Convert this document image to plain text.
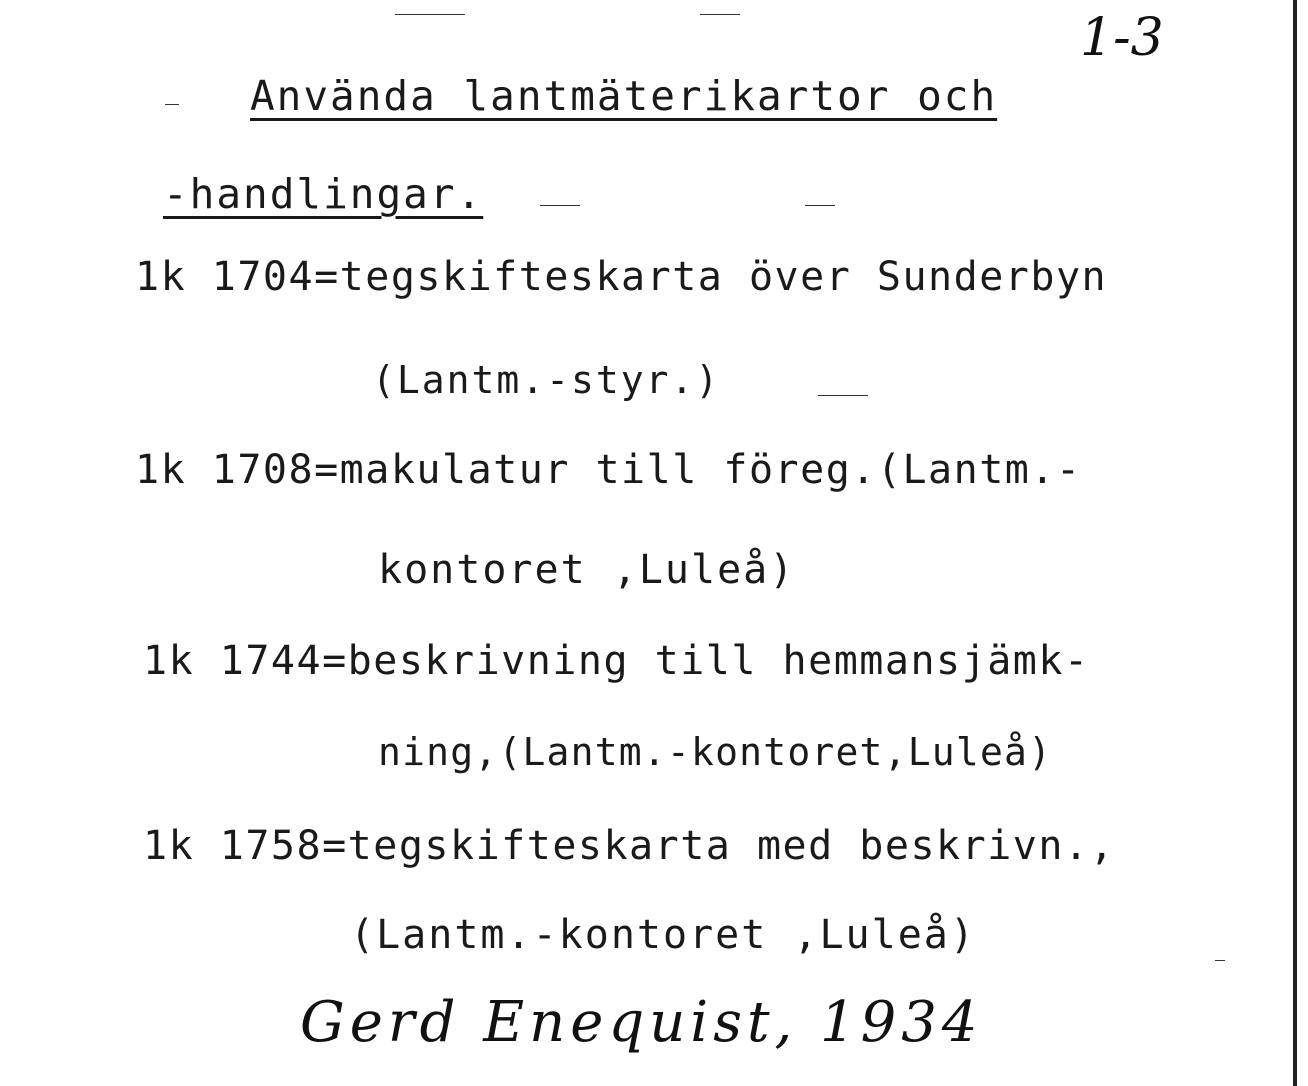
1-3
Använda lantmäterikartor och
-handlingar.
1k 1704=tegskifteskarta över Sunderbyn
(Lantm.-styr.)
1k 1708=makulatur till föreg.(Lantm.-
kontoret ,Luleå)
1k 1744=beskrivning till hemmansjämk-
ning,(Lantm.-kontoret,Luleå)
1k 1758=tegskifteskarta med beskrivn.,
(Lantm.-kontoret ,Luleå)
Gerd Enequist, 1934
